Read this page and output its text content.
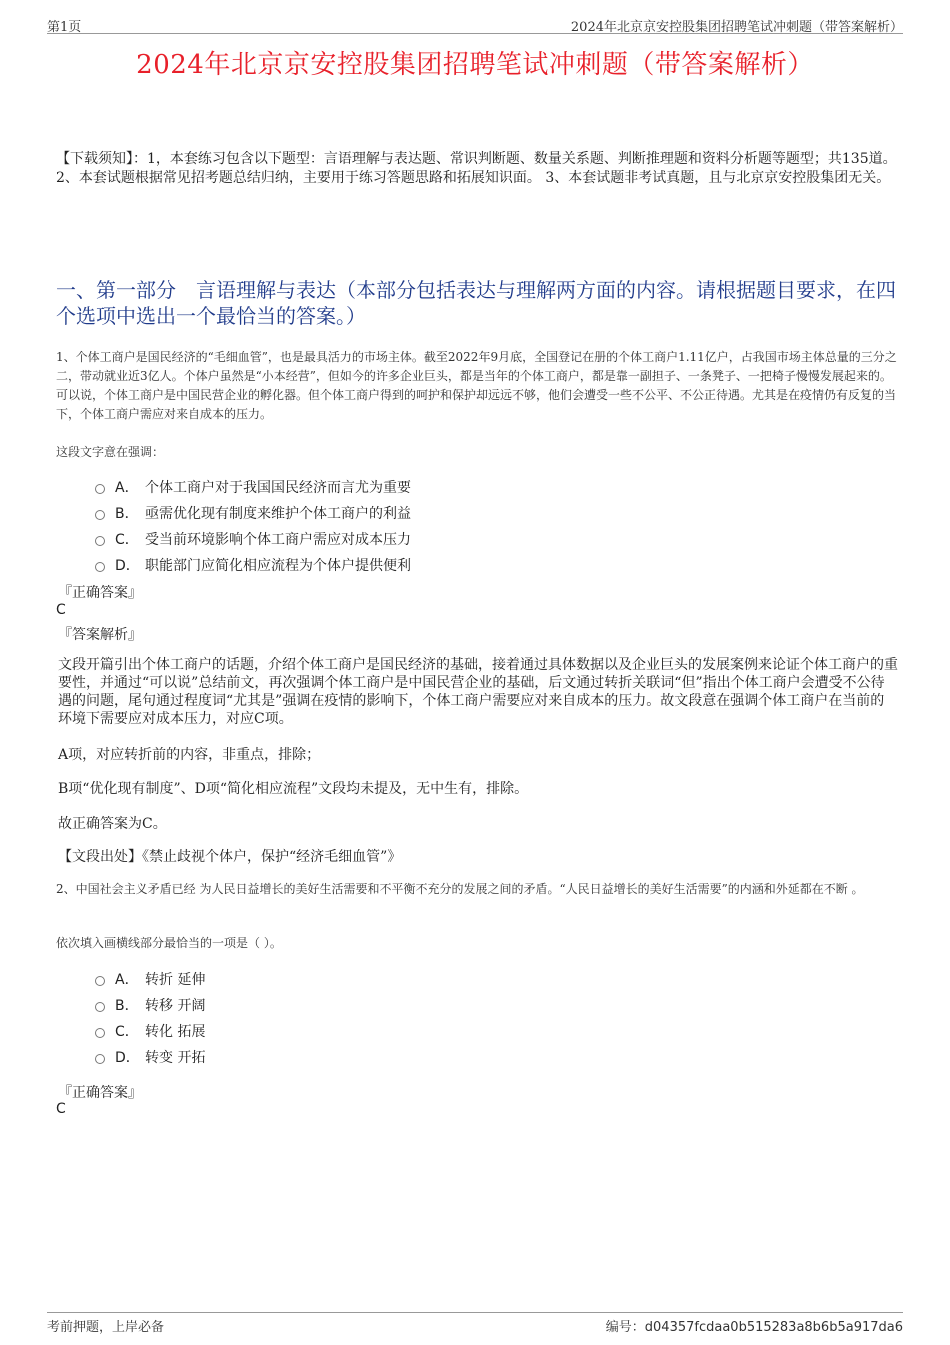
第1页	2024年北京京安控股集团招聘笔试冲刺题（带答案解析）
2024年北京京安控股集团招聘笔试冲刺题（带答案解析）
【下载须知】：1，本套练习包含以下题型：言语理解与表达题、常识判断题、数量关系题、判断推理题和资料分析题等题型；共135道。 2、本套试题根据常见招考题总结归纳，主要用于练习答题思路和拓展知识面。 3、本套试题非考试真题，且与北京京安控股集团无关。
一、第一部分　言语理解与表达（本部分包括表达与理解两方面的内容。请根据题目要求，在四个选项中选出一个最恰当的答案。）
1、个体工商户是国民经济的“毛细血管”，也是最具活力的市场主体。截至2022年9月底，全国登记在册的个体工商户1.11亿户，占我国市场主体总量的三分之二，带动就业近3亿人。个体户虽然是“小本经营”，但如今的许多企业巨头，都是当年的个体工商户，都是靠一副担子、一条凳子、一把椅子慢慢发展起来的。可以说，个体工商户是中国民营企业的孵化器。但个体工商户得到的呵护和保护却远远不够，他们会遭受一些不公平、不公正待遇。尤其是在疫情仍有反复的当下，个体工商户需应对来自成本的压力。
这段文字意在强调：
A． 个体工商户对于我国国民经济而言尤为重要
B． 亟需优化现有制度来维护个体工商户的利益
C． 受当前环境影响个体工商户需应对成本压力
D． 职能部门应简化相应流程为个体户提供便利
『正确答案』
C
『答案解析』
文段开篇引出个体工商户的话题，介绍个体工商户是国民经济的基础，接着通过具体数据以及企业巨头的发展案例来论证个体工商户的重要性，并通过“可以说”总结前文，再次强调个体工商户是中国民营企业的基础，后文通过转折关联词“但”指出个体工商户会遭受不公待遇的问题，尾句通过程度词“尤其是”强调在疫情的影响下，个体工商户需要应对来自成本的压力。故文段意在强调个体工商户在当前的环境下需要应对成本压力，对应C项。
A项，对应转折前的内容，非重点，排除；
B项“优化现有制度”、D项“简化相应流程”文段均未提及，无中生有，排除。
故正确答案为C。
【文段出处】《禁止歧视个体户，保护“经济毛细血管”》
2、中国社会主义矛盾已经 为人民日益增长的美好生活需要和不平衡不充分的发展之间的矛盾。“人民日益增长的美好生活需要”的内涵和外延都在不断 。
依次填入画横线部分最恰当的一项是（ ）。
A． 转折 延伸
B． 转移 开阔
C． 转化 拓展
D． 转变 开拓
『正确答案』
C
考前押题，上岸必备	编号：d04357fcdaa0b515283a8b6b5a917da6
